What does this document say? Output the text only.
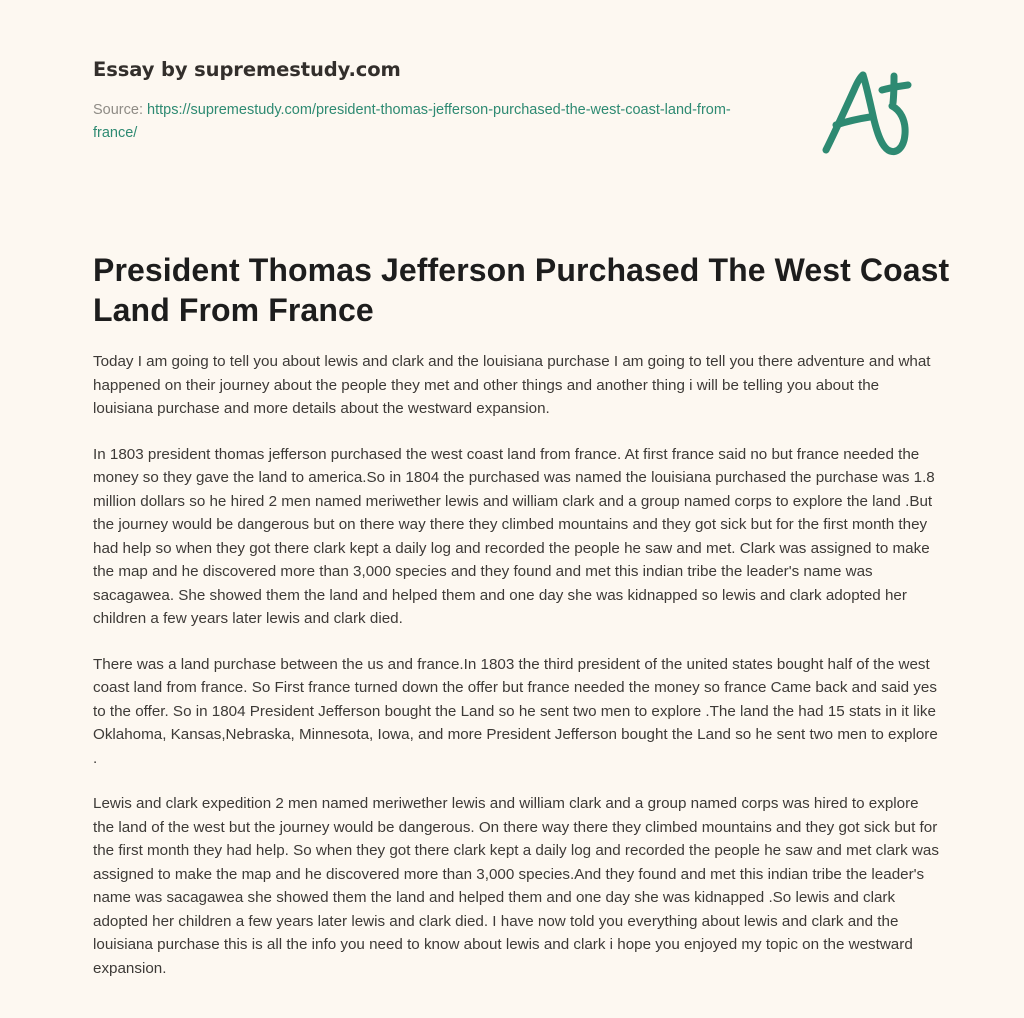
Essay by supremestudy.com

Source: https://supremestudy.com/president-thomas-jefferson-purchased-the-west-coast-land-from-france/

President Thomas Jefferson Purchased The West Coast Land From France

Today I am going to tell you about lewis and clark and the louisiana purchase I am going to tell you there adventure and what happened on their journey about the people they met and other things and another thing i will be telling you about the louisiana purchase and more details about the westward expansion.

In 1803 president thomas jefferson purchased the west coast land from france. At first france said no but france needed the money so they gave the land to america.So in 1804 the purchased was named the louisiana purchased the purchase was 1.8 million dollars so he hired 2 men named meriwether lewis and william clark and a group named corps to explore the land .But the journey would be dangerous but on there way there they climbed mountains and they got sick but for the first month they had help so when they got there clark kept a daily log and recorded the people he saw and met. Clark was assigned to make the map and he discovered more than 3,000 species and they found and met this indian tribe the leader's name was sacagawea. She showed them the land and helped them and one day she was kidnapped so lewis and clark adopted her children a few years later lewis and clark died.

There was a land purchase between the us and france.In 1803 the third president of the united states bought half of the west coast land from france. So First france turned down the offer but france needed the money so france Came back and said yes to the offer. So in 1804 President Jefferson bought the Land so he sent two men to explore .The land the had 15 stats in it like Oklahoma, Kansas,Nebraska, Minnesota, Iowa, and more President Jefferson bought the Land so he sent two men to explore .

Lewis and clark expedition 2 men named meriwether lewis and william clark and a group named corps was hired to explore the land of the west but the journey would be dangerous. On there way there they climbed mountains and they got sick but for the first month they had help. So when they got there clark kept a daily log and recorded the people he saw and met clark was assigned to make the map and he discovered more than 3,000 species.And they found and met this indian tribe the leader's name was sacagawea she showed them the land and helped them and one day she was kidnapped .So lewis and clark adopted her children a few years later lewis and clark died. I have now told you everything about lewis and clark and the louisiana purchase this is all the info you need to know about lewis and clark i hope you enjoyed my topic on the westward expansion.
